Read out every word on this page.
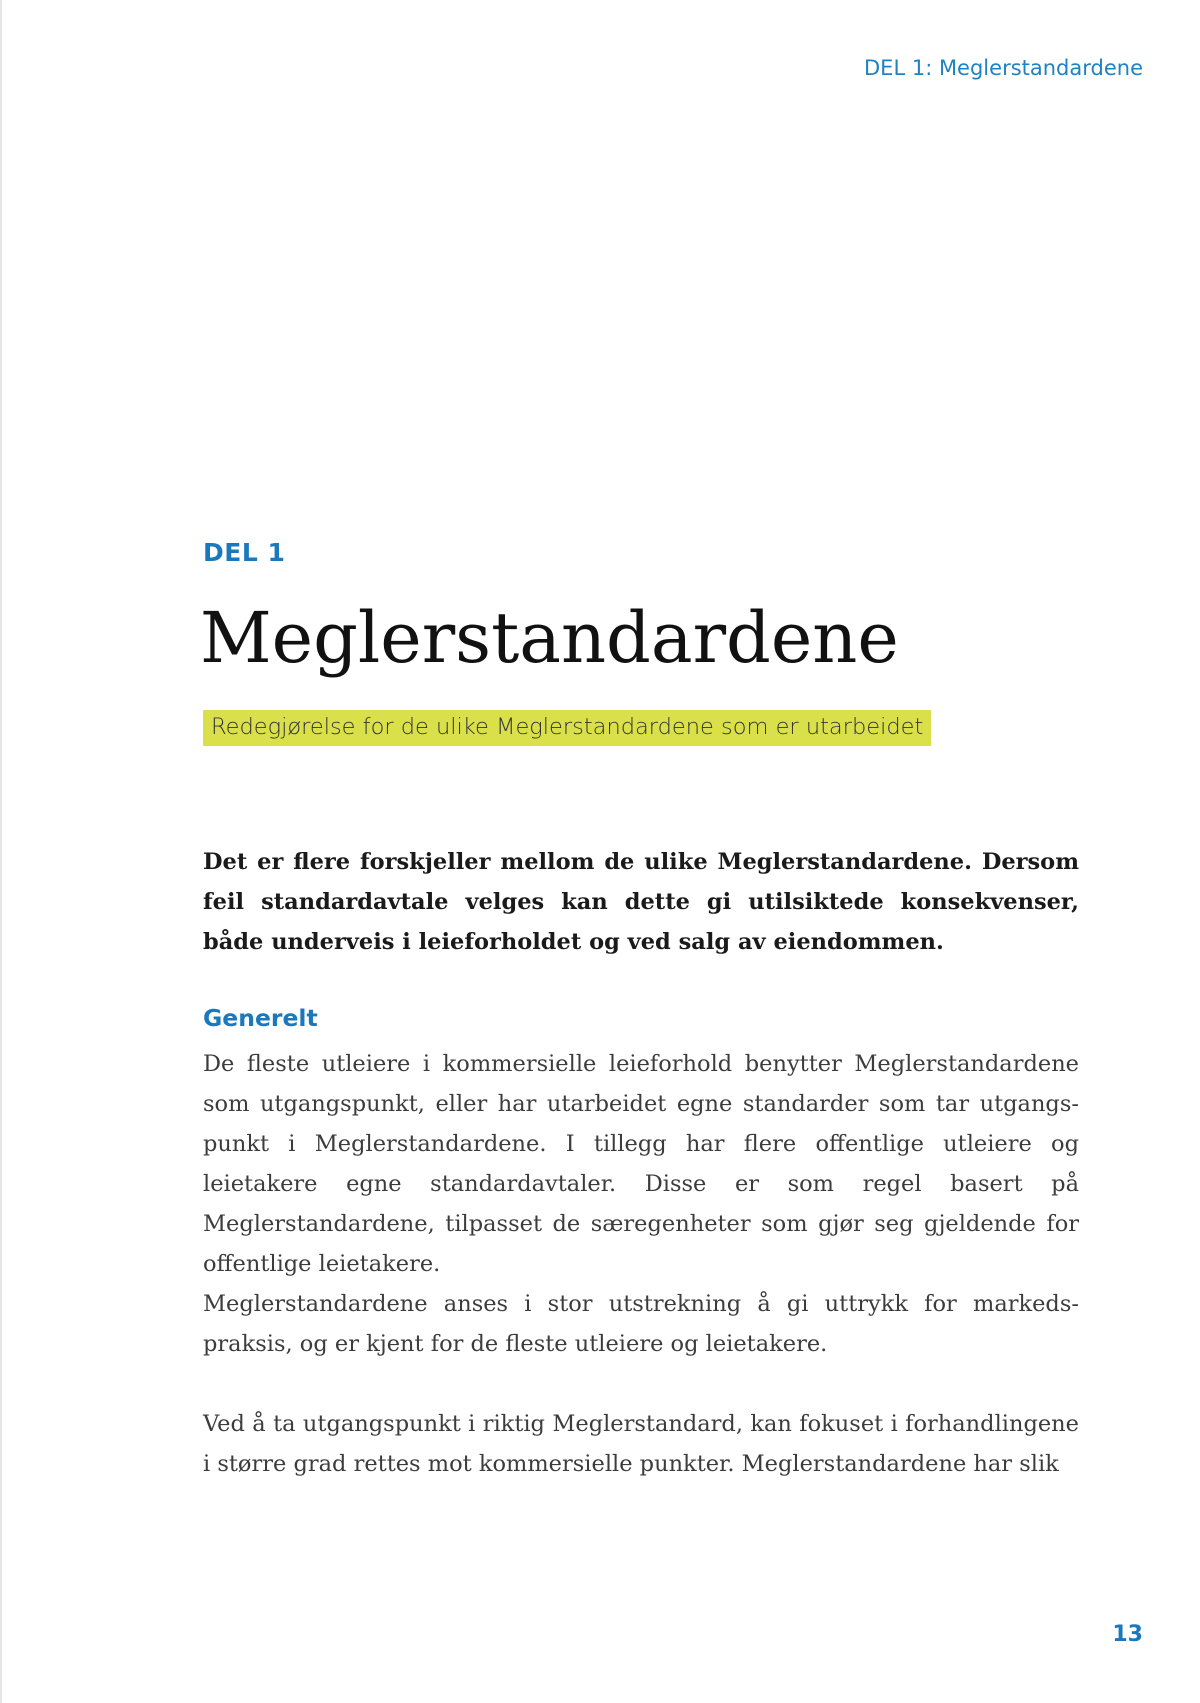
DEL 1: Meglerstandardene
DEL 1
Meglerstandardene
Redegjørelse for de ulike Meglerstandardene som er utarbeidet

Det er flere forskjeller mellom de ulike Meglerstandardene. Dersom feil standardavtale velges kan dette gi utilsiktede konsekvenser, både underveis i leieforholdet og ved salg av eiendommen.

Generelt

De fleste utleiere i kommersielle leieforhold benytter Meglerstandardene som utgangspunkt, eller har utarbeidet egne standarder som tar utgangspunkt i Meglerstandardene. I tillegg har flere offentlige utleiere og leietakere egne standardavtaler. Disse er som regel basert på Meglerstandardene, tilpasset de særegenheter som gjør seg gjeldende for offentlige leietakere.

Meglerstandardene anses i stor utstrekning å gi uttrykk for markedspraksis, og er kjent for de fleste utleiere og leietakere.

Ved å ta utgangspunkt i riktig Meglerstandard, kan fokuset i forhandlingene i større grad rettes mot kommersielle punkter. Meglerstandardene har slik

13
